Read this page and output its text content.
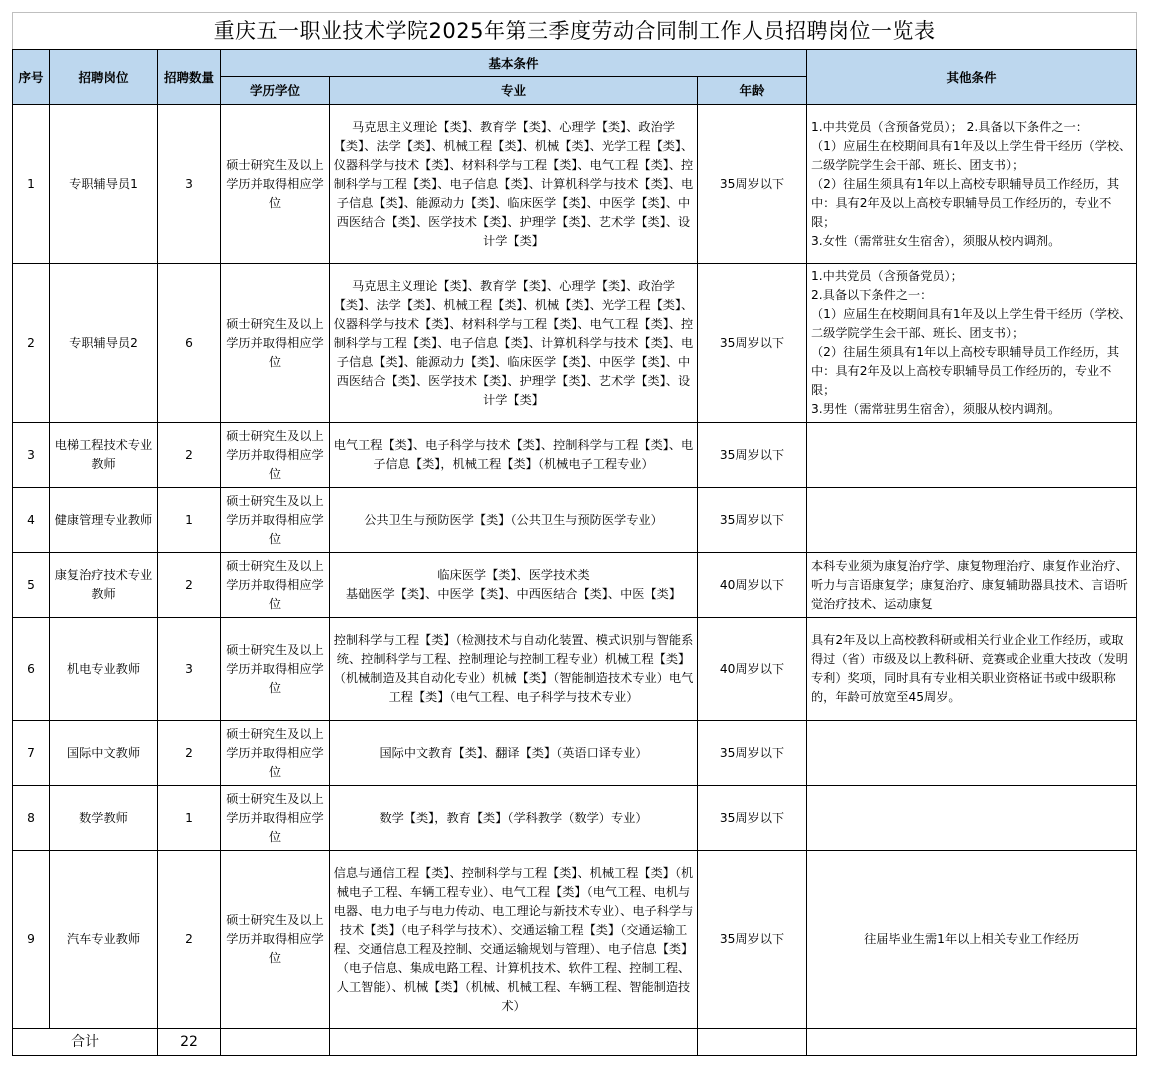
重庆五一职业技术学院2025年第三季度劳动合同制工作人员招聘岗位一览表						
序号	招聘岗位	招聘数量	基本条件			其他条件
			学历学位	专业	年龄	
1	专职辅导员1	3	硕士研究生及以上学历并取得相应学位	马克思主义理论【类】、教育学【类】、心理学【类】、政治学【类】、法学【类】、机械工程【类】、机械【类】、光学工程【类】、仪器科学与技术【类】、材料科学与工程【类】、电气工程【类】、控制科学与工程【类】、电子信息【类】、计算机科学与技术【类】、电子信息【类】、能源动力【类】、临床医学【类】、中医学【类】、中西医结合【类】、医学技术【类】、护理学【类】、艺术学【类】、设计学【类】	35周岁以下	1.中共党员（含预备党员）； 2.具备以下条件之一：
（1）应届生在校期间具有1年及以上学生骨干经历（学校、二级学院学生会干部、班长、团支书）；
（2）往届生须具有1年以上高校专职辅导员工作经历，其中：具有2年及以上高校专职辅导员工作经历的，专业不限；
3.女性（需常驻女生宿舍），须服从校内调剂。
2	专职辅导员2	6	硕士研究生及以上学历并取得相应学位	马克思主义理论【类】、教育学【类】、心理学【类】、政治学【类】、法学【类】、机械工程【类】、机械【类】、光学工程【类】、仪器科学与技术【类】、材料科学与工程【类】、电气工程【类】、控制科学与工程【类】、电子信息【类】、计算机科学与技术【类】、电子信息【类】、能源动力【类】、临床医学【类】、中医学【类】、中西医结合【类】、医学技术【类】、护理学【类】、艺术学【类】、设计学【类】	35周岁以下	1.中共党员（含预备党员）；
2.具备以下条件之一：
（1）应届生在校期间具有1年及以上学生骨干经历（学校、二级学院学生会干部、班长、团支书）；
（2）往届生须具有1年以上高校专职辅导员工作经历，其中：具有2年及以上高校专职辅导员工作经历的，专业不限；
3.男性（需常驻男生宿舍），须服从校内调剂。
3	电梯工程技术专业教师	2	硕士研究生及以上学历并取得相应学位	电气工程【类】、电子科学与技术【类】、控制科学与工程【类】、电子信息【类】，机械工程【类】（机械电子工程专业）	35周岁以下	
4	健康管理专业教师	1	硕士研究生及以上学历并取得相应学位	公共卫生与预防医学【类】（公共卫生与预防医学专业）	35周岁以下	
5	康复治疗技术专业教师	2	硕士研究生及以上学历并取得相应学位	临床医学【类】、医学技术类
基础医学【类】、中医学【类】、中西医结合【类】、中医【类】	40周岁以下	本科专业须为康复治疗学、康复物理治疗、康复作业治疗、听力与言语康复学；康复治疗、康复辅助器具技术、言语听觉治疗技术、运动康复
6	机电专业教师	3	硕士研究生及以上学历并取得相应学位	控制科学与工程【类】（检测技术与自动化装置、模式识别与智能系统、控制科学与工程、控制理论与控制工程专业）机械工程【类】（机械制造及其自动化专业）机械【类】（智能制造技术专业）电气工程【类】（电气工程、电子科学与技术专业）	40周岁以下	具有2年及以上高校教科研或相关行业企业工作经历，或取得过（省）市级及以上教科研、竞赛或企业重大技改（发明专利）奖项，同时具有专业相关职业资格证书或中级职称的，年龄可放宽至45周岁。
7	国际中文教师	2	硕士研究生及以上学历并取得相应学位	国际中文教育【类】、翻译【类】（英语口译专业）	35周岁以下	
8	数学教师	1	硕士研究生及以上学历并取得相应学位	数学【类】，教育【类】（学科教学（数学）专业）	35周岁以下	
9	汽车专业教师	2	硕士研究生及以上学历并取得相应学位	信息与通信工程【类】、控制科学与工程【类】、机械工程【类】（机械电子工程、车辆工程专业）、电气工程【类】（电气工程、电机与电器、电力电子与电力传动、电工理论与新技术专业）、电子科学与技术【类】（电子科学与技术）、交通运输工程【类】（交通运输工程、交通信息工程及控制、交通运输规划与管理）、电子信息【类】（电子信息、集成电路工程、计算机技术、软件工程、控制工程、人工智能）、机械【类】（机械、机械工程、车辆工程、智能制造技术）	35周岁以下	往届毕业生需1年以上相关专业工作经历
合计		22				
